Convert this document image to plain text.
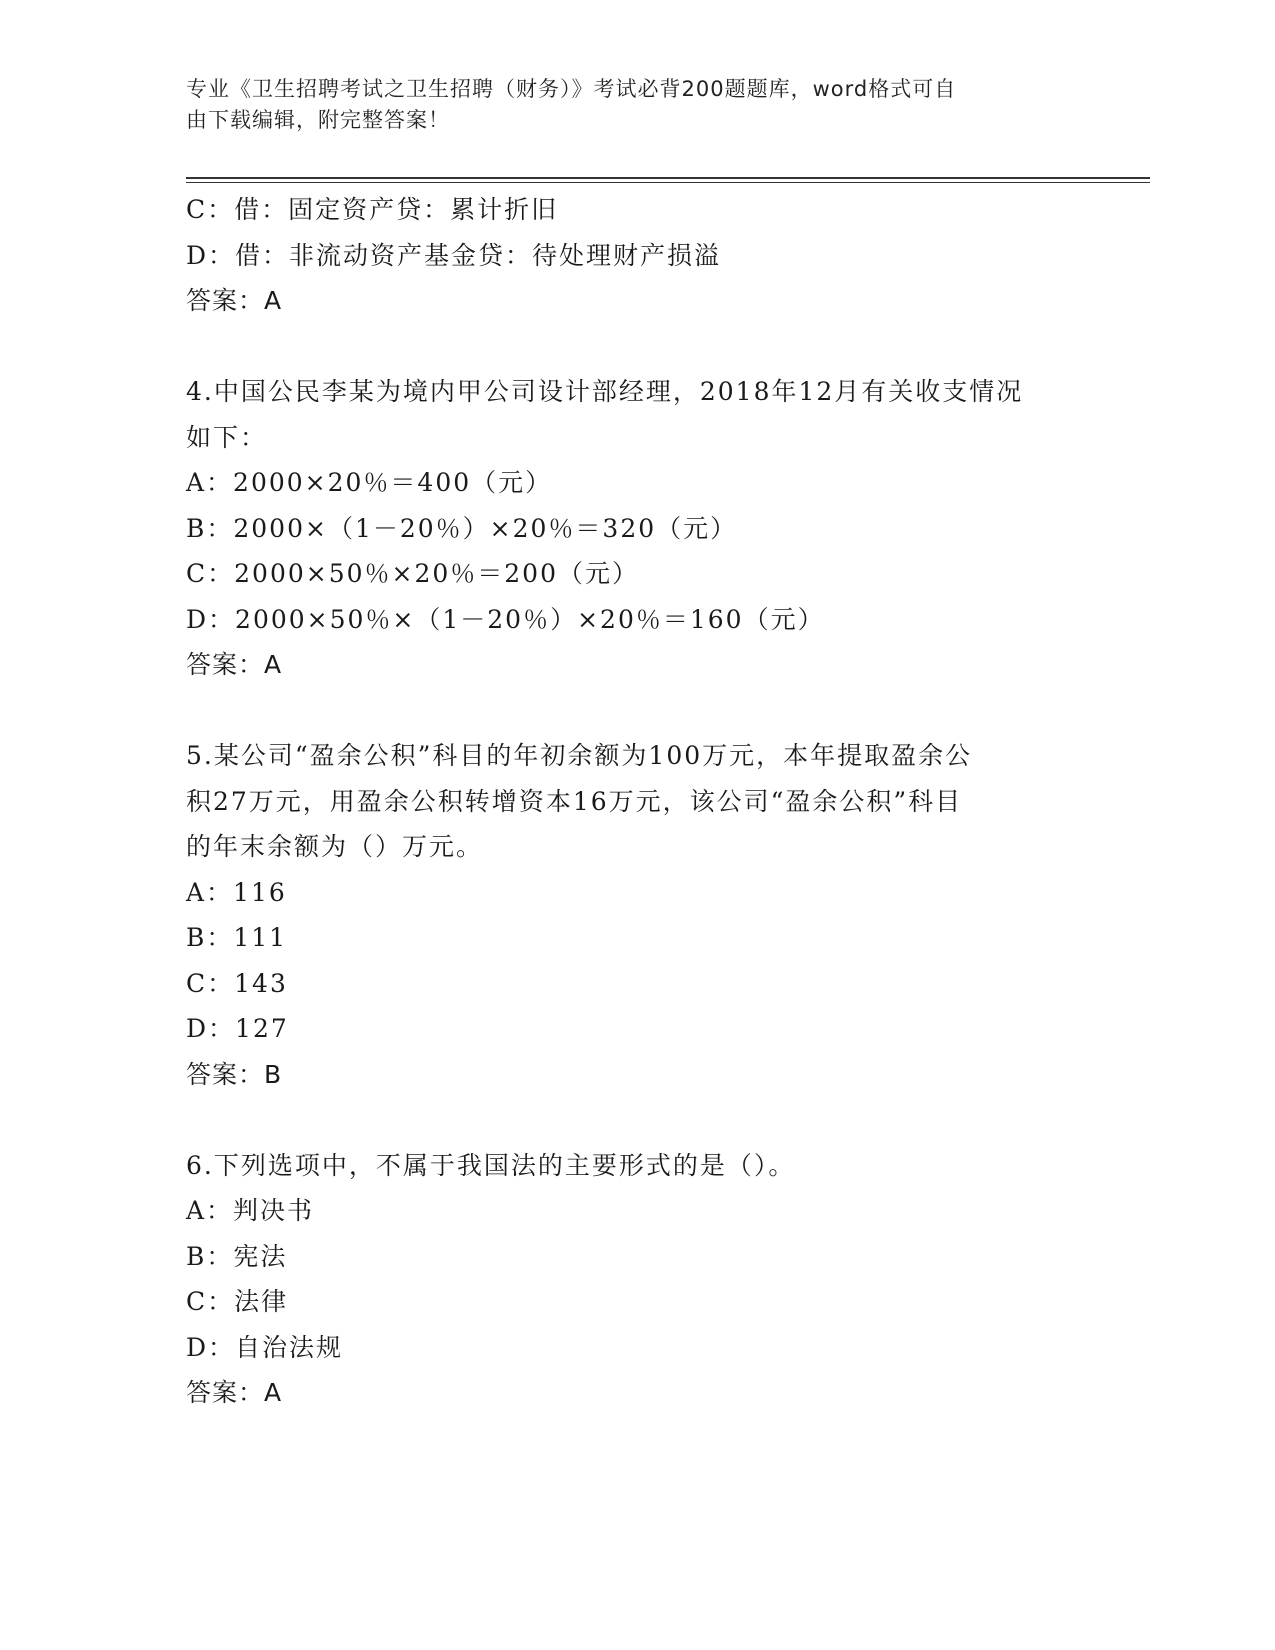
专业《卫生招聘考试之卫生招聘（财务）》考试必背200题题库，word格式可自
由下载编辑，附完整答案！
C：借：固定资产贷：累计折旧
D：借：非流动资产基金贷：待处理财产损溢
答案：A
4.中国公民李某为境内甲公司设计部经理，2018年12月有关收支情况
如下：
A：2000×20％＝400（元）
B：2000×（1－20％）×20％＝320（元）
C：2000×50％×20％＝200（元）
D：2000×50％×（1－20％）×20％＝160（元）
答案：A
5.某公司“盈余公积”科目的年初余额为100万元，本年提取盈余公
积27万元，用盈余公积转增资本16万元，该公司“盈余公积”科目
的年末余额为（）万元。
A：116
B：111
C：143
D：127
答案：B
6.下列选项中，不属于我国法的主要形式的是（）。
A：判决书
B：宪法
C：法律
D：自治法规
答案：A
